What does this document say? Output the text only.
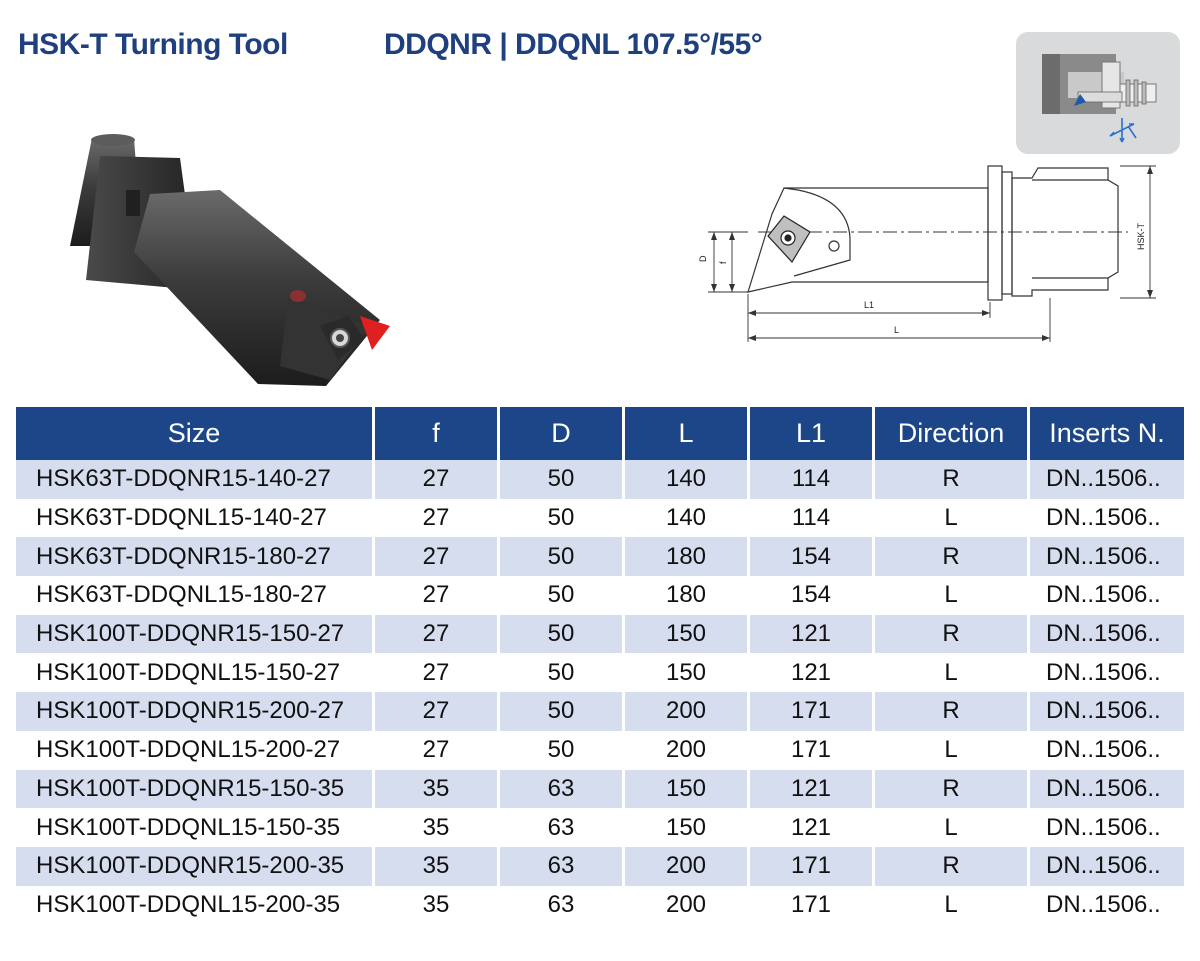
HSK-T Turning Tool	DDQNR | DDQNL 107.5°/55°
D
f
L1
L
HSK-T
Size	f	D	L	L1	Direction	Inserts N.
HSK63T-DDQNR15-140-27	27	50	140	114	R	DN..1506..
HSK63T-DDQNL15-140-27	27	50	140	114	L	DN..1506..
HSK63T-DDQNR15-180-27	27	50	180	154	R	DN..1506..
HSK63T-DDQNL15-180-27	27	50	180	154	L	DN..1506..
HSK100T-DDQNR15-150-27	27	50	150	121	R	DN..1506..
HSK100T-DDQNL15-150-27	27	50	150	121	L	DN..1506..
HSK100T-DDQNR15-200-27	27	50	200	171	R	DN..1506..
HSK100T-DDQNL15-200-27	27	50	200	171	L	DN..1506..
HSK100T-DDQNR15-150-35	35	63	150	121	R	DN..1506..
HSK100T-DDQNL15-150-35	35	63	150	121	L	DN..1506..
HSK100T-DDQNR15-200-35	35	63	200	171	R	DN..1506..
HSK100T-DDQNL15-200-35	35	63	200	171	L	DN..1506..
